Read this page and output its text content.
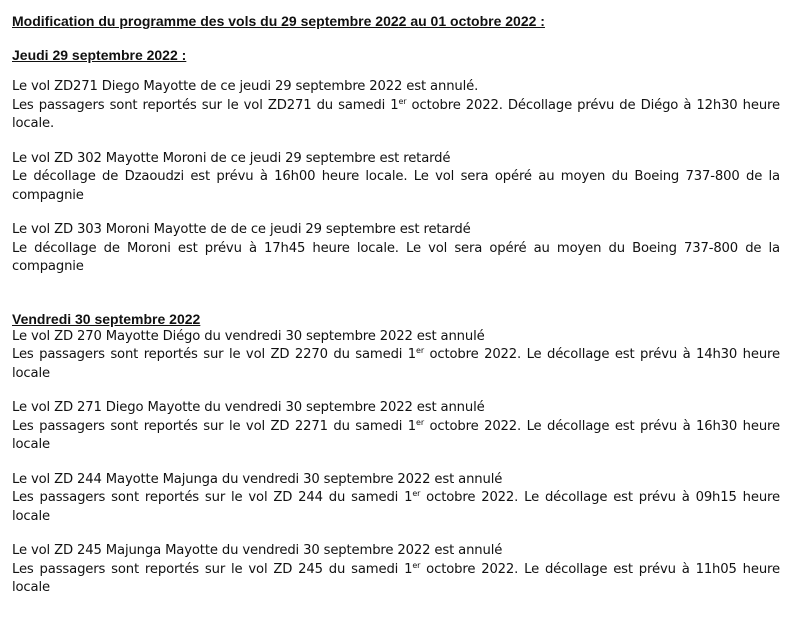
Modification du programme des vols du 29 septembre 2022 au 01 octobre 2022 :
Jeudi 29 septembre 2022 :

Le vol ZD271 Diego Mayotte de ce jeudi 29 septembre 2022 est annulé.

Les passagers sont reportés sur le vol ZD271 du samedi 1er octobre 2022. Décollage prévu de Diégo à 12h30 heure locale.

Le vol ZD 302 Mayotte Moroni de ce jeudi 29 septembre est retardé

Le décollage de Dzaoudzi est prévu à 16h00 heure locale. Le vol sera opéré au moyen du Boeing 737-800 de la compagnie

Le vol ZD 303 Moroni Mayotte de de ce jeudi 29 septembre est retardé

Le décollage de Moroni est prévu à 17h45 heure locale. Le vol sera opéré au moyen du Boeing 737-800 de la compagnie

Vendredi 30 septembre 2022

Le vol ZD 270 Mayotte Diégo du vendredi 30 septembre 2022 est annulé

Les passagers sont reportés sur le vol ZD 2270 du samedi 1er octobre 2022. Le décollage est prévu à 14h30 heure locale

Le vol ZD 271 Diego Mayotte du vendredi 30 septembre 2022 est annulé

Les passagers sont reportés sur le vol ZD 2271 du samedi 1er octobre 2022. Le décollage est prévu à 16h30 heure locale

Le vol ZD 244 Mayotte Majunga du vendredi 30 septembre 2022 est annulé

Les passagers sont reportés sur le vol ZD 244 du samedi 1er octobre 2022. Le décollage est prévu à 09h15 heure locale

Le vol ZD 245 Majunga Mayotte du vendredi 30 septembre 2022 est annulé

Les passagers sont reportés sur le vol ZD 245 du samedi 1er octobre 2022. Le décollage est prévu à 11h05 heure locale
